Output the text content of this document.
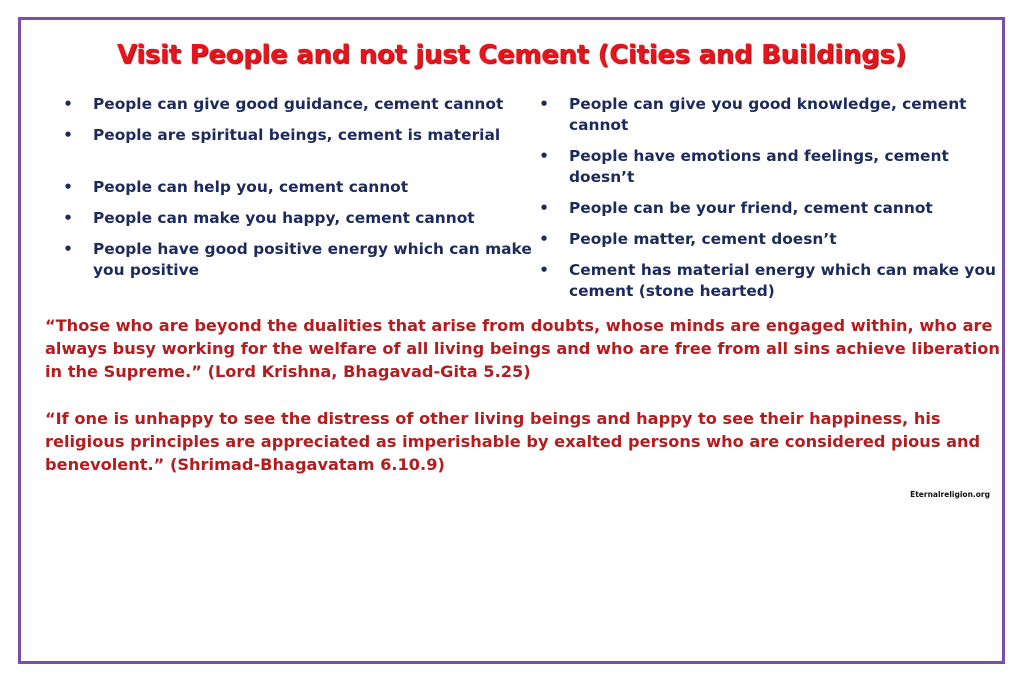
Visit People and not just Cement (Cities and Buildings)
• People can give good guidance, cement cannot
• People are spiritual beings, cement is material
• People can help you, cement cannot
• People can make you happy, cement cannot
• People have good positive energy which can make you positive
• People can give you good knowledge, cement cannot
• People have emotions and feelings, cement doesn’t
• People can be your friend, cement cannot
• People matter, cement doesn’t
• Cement has material energy which can make you cement (stone hearted)

“Those who are beyond the dualities that arise from doubts, whose minds are engaged within, who are always busy working for the welfare of all living beings and who are free from all sins achieve liberation in the Supreme.” (Lord Krishna, Bhagavad-Gita 5.25)

“If one is unhappy to see the distress of other living beings and happy to see their happiness, his religious principles are appreciated as imperishable by exalted persons who are considered pious and benevolent.” (Shrimad-Bhagavatam 6.10.9)

Eternalreligion.org
